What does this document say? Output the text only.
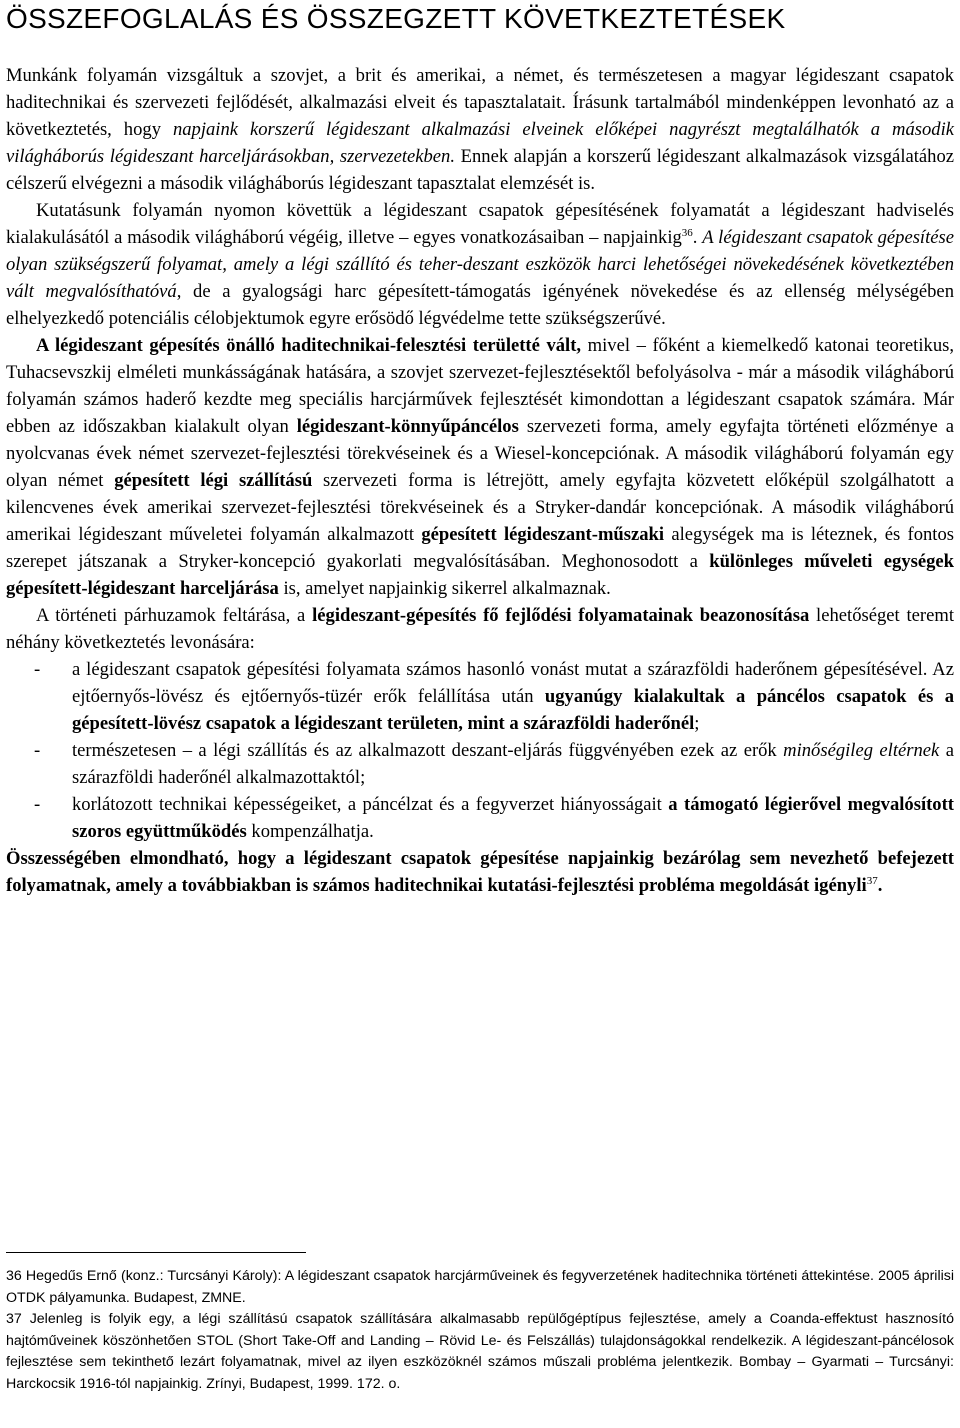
ÖSSZEFOGLALÁS ÉS ÖSSZEGZETT KÖVETKEZTETÉSEK

Munkánk folyamán vizsgáltuk a szovjet, a brit és amerikai, a német, és természetesen a magyar légideszant csapatok haditechnikai és szervezeti fejlődését, alkalmazási elveit és tapasztalatait. Írásunk tartalmából mindenképpen levonható az a következtetés, hogy napjaink korszerű légideszant alkalmazási elveinek előképei nagyrészt megtalálhatók a második világháborús légideszant harceljárásokban, szervezetekben. Ennek alapján a korszerű légideszant alkalmazások vizsgálatához célszerű elvégezni a második világháborús légideszant tapasztalat elemzését is.

Kutatásunk folyamán nyomon követtük a légideszant csapatok gépesítésének folyamatát a légideszant hadviselés kialakulásától a második világháború végéig, illetve – egyes vonatkozásaiban – napjainkig$^{36}$. A légideszant csapatok gépesítése olyan szükségszerű folyamat, amely a légi szállító és teher-deszant eszközök harci lehetőségei növekedésének következtében vált megvalósíthatóvá, de a gyalogsági harc gépesített-támogatás igényének növekedése és az ellenség mélységében elhelyezkedő potenciális célobjektumok egyre erősödő légvédelme tette szükségszerűvé.

A légideszant gépesítés önálló haditechnikai-felesztési területté vált, mivel – főként a kiemelkedő katonai teoretikus, Tuhacsevszkij elméleti munkásságának hatására, a szovjet szervezet-fejlesztésektől befolyásolva - már a második világháború folyamán számos haderő kezdte meg speciális harcjárművek fejlesztését kimondottan a légideszant csapatok számára. Már ebben az időszakban kialakult olyan légideszant-könnyűpáncélos szervezeti forma, amely egyfajta történeti előzménye a nyolcvanas évek német szervezet-fejlesztési törekvéseinek és a Wiesel-koncepciónak. A második világháború folyamán egy olyan német gépesített légi szállítású szervezeti forma is létrejött, amely egyfajta közvetett előképül szolgálhatott a kilencvenes évek amerikai szervezet-fejlesztési törekvéseinek és a Stryker-dandár koncepciónak. A második világháború amerikai légideszant műveletei folyamán alkalmazott gépesített légideszant-műszaki alegységek ma is léteznek, és fontos szerepet játszanak a Stryker-koncepció gyakorlati megvalósításában. Meghonosodott a különleges műveleti egységek gépesített-légideszant harceljárása is, amelyet napjainkig sikerrel alkalmaznak.

A történeti párhuzamok feltárása, a légideszant-gépesítés fő fejlődési folyamatainak beazonosítása lehetőséget teremt néhány következtetés levonására:

- a légideszant csapatok gépesítési folyamata számos hasonló vonást mutat a szárazföldi haderőnem gépesítésével. Az ejtőernyős-lövész és ejtőernyős-tüzér erők felállítása után ugyanúgy kialakultak a páncélos csapatok és a gépesített-lövész csapatok a légideszant területen, mint a szárazföldi haderőnél;

- természetesen – a légi szállítás és az alkalmazott deszant-eljárás függvényében ezek az erők minőségileg eltérnek a szárazföldi haderőnél alkalmazottaktól;

- korlátozott technikai képességeiket, a páncélzat és a fegyverzet hiányosságait a támogató légierővel megvalósított szoros együttműködés kompenzálhatja.

Összességében elmondható, hogy a légideszant csapatok gépesítése napjainkig bezárólag sem nevezhető befejezett folyamatnak, amely a továbbiakban is számos haditechnikai kutatási-fejlesztési probléma megoldását igényli$^{37}$.

36 Hegedűs Ernő (konz.: Turcsányi Károly): A légideszant csapatok harcjárműveinek és fegyverzetének haditechnika történeti áttekintése. 2005 áprilisi OTDK pályamunka. Budapest, ZMNE.

37 Jelenleg is folyik egy, a légi szállítású csapatok szállítására alkalmasabb repülőgéptípus fejlesztése, amely a Coanda-effektust hasznosító hajtóműveinek köszönhetően STOL (Short Take-Off and Landing – Rövid Le- és Felszállás) tulajdonságokkal rendelkezik. A légideszant-páncélosok fejlesztése sem tekinthető lezárt folyamatnak, mivel az ilyen eszközöknél számos műszali probléma jelentkezik. Bombay – Gyarmati – Turcsányi: Harckocsik 1916-tól napjainkig. Zrínyi, Budapest, 1999. 172. o.
